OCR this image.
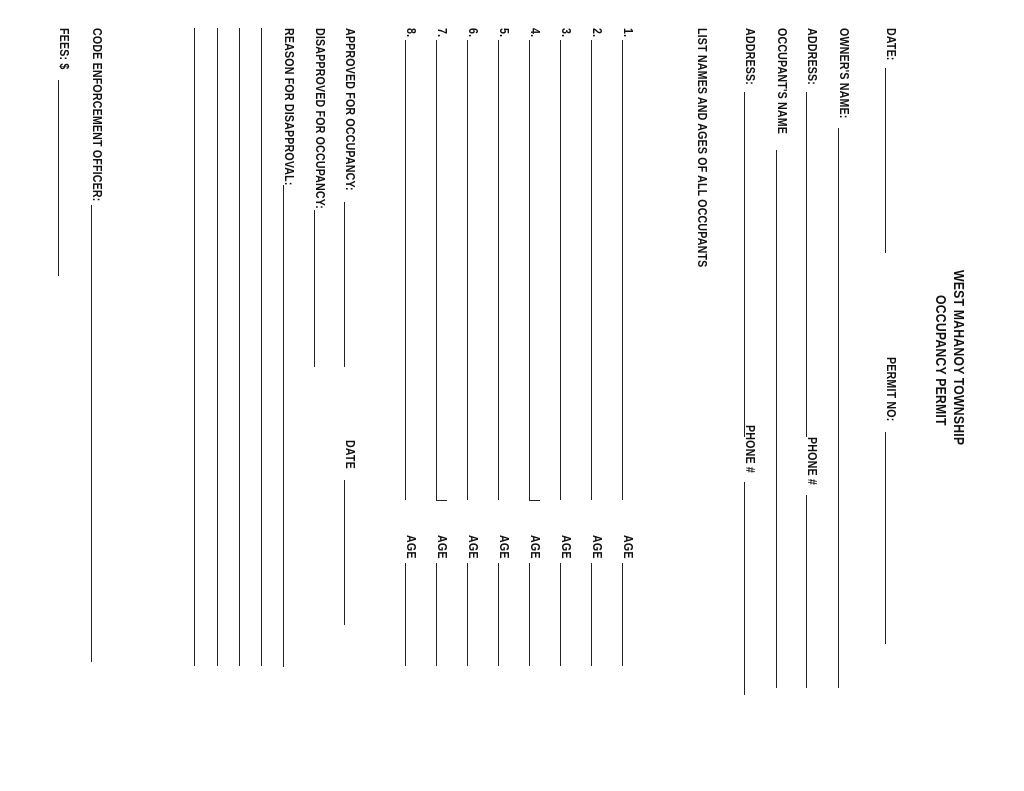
WEST MAHANOY TOWNSHIP
OCCUPANCY PERMIT
DATE:
PERMIT NO:
OWNER'S NAME:
ADDRESS:
PHONE #
OCCUPANT'S NAME
ADDRESS:
PHONE #
LIST NAMES AND AGES OF ALL OCCUPANTS
1.
AGE
2.
AGE
3.
AGE
4.
AGE
5.
AGE
6.
AGE
7.
AGE
8.
AGE
APPROVED FOR OCCUPANCY:
DATE
DISAPPROVED FOR OCCUPANCY:
REASON FOR DISAPPROVAL:
CODE ENFORCEMENT OFFICER:
FEES: $
